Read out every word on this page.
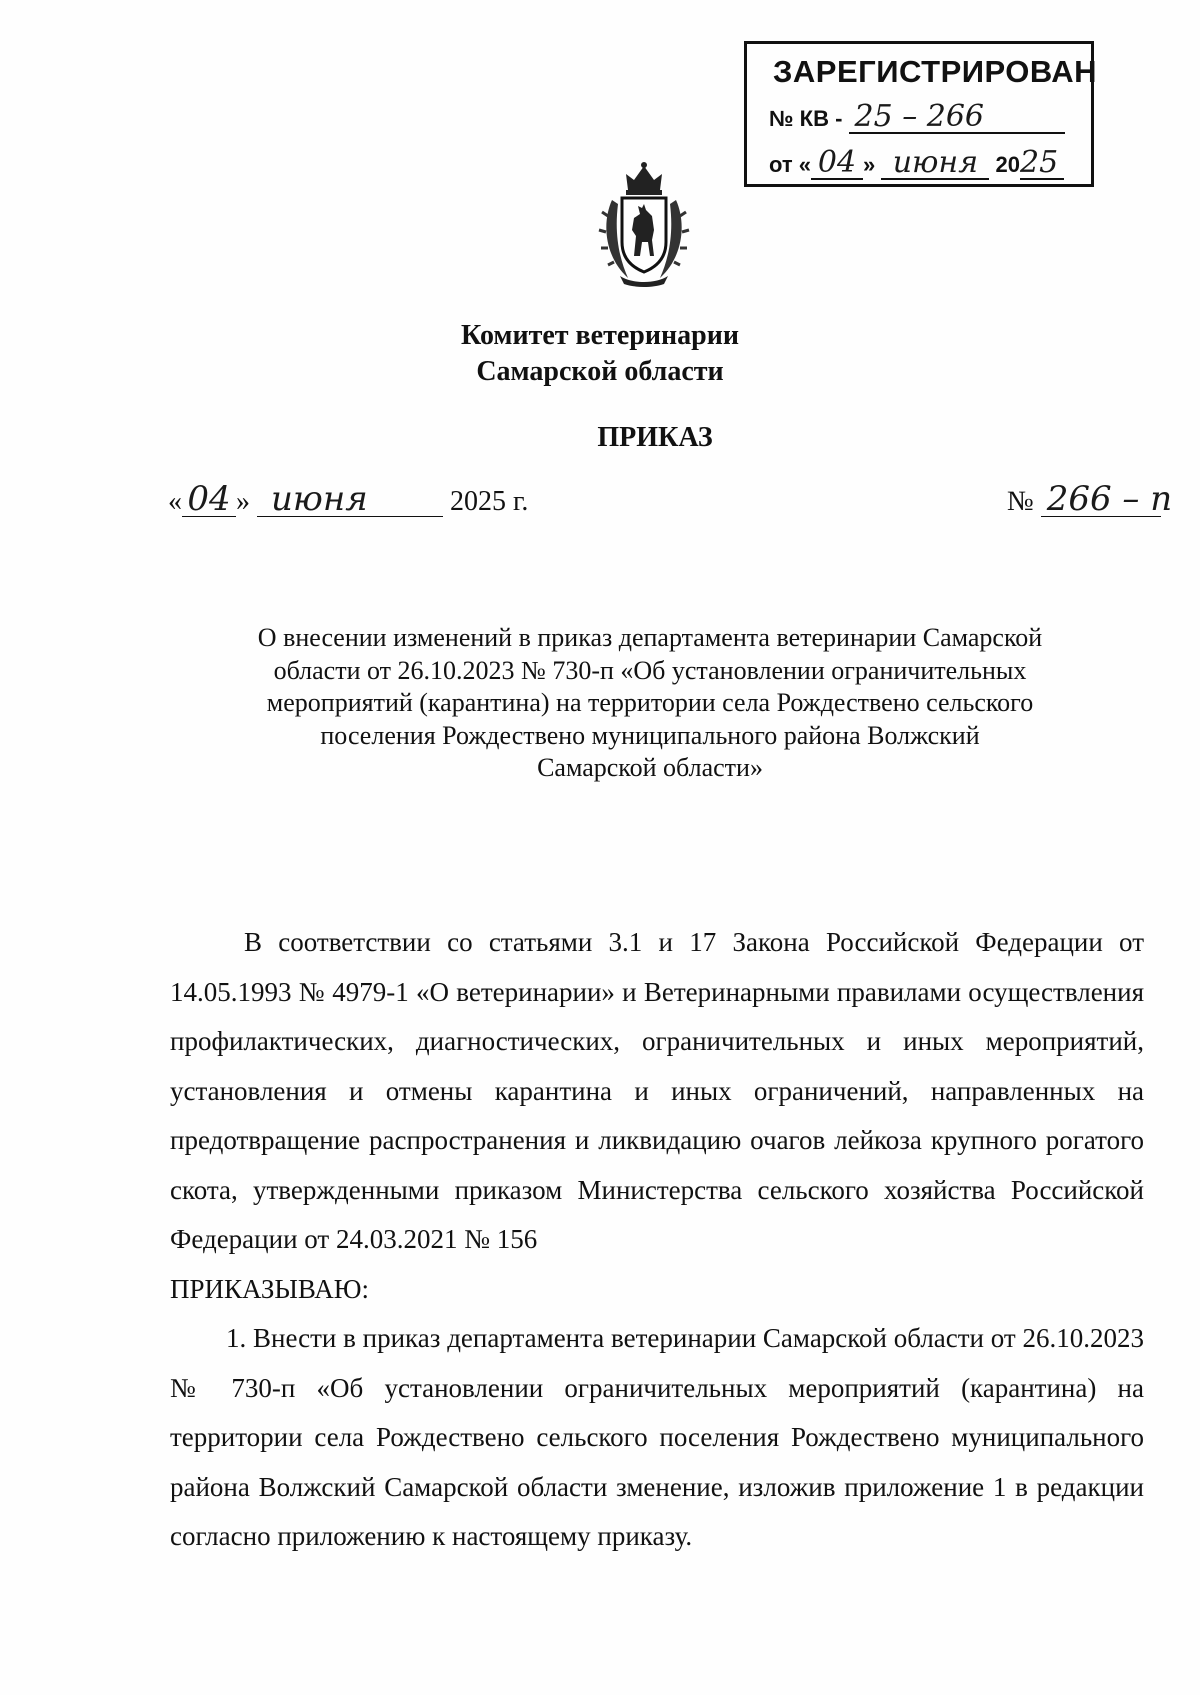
ЗАРЕГИСТРИРОВАН
№ КВ - 25 – 266
от « 04 » июня 2025
Комитет ветеринарии
Самарской области
ПРИКАЗ
« 04 » июня	2025 г.	№ 266 – п
О внесении изменений в приказ департамента ветеринарии Самарской
области от 26.10.2023 № 730-п «Об установлении ограничительных
мероприятий (карантина) на территории села Рождествено сельского
поселения Рождествено муниципального района Волжский
Самарской области»

В соответствии со статьями 3.1 и 17 Закона Российской Федерации от 14.05.1993 № 4979-1 «О ветеринарии» и Ветеринарными правилами осуществления профилактических, диагностических, ограничительных и иных мероприятий, установления и отмены карантина и иных ограничений, направленных на предотвращение распространения и ликвидацию очагов лейкоза крупного рогатого скота, утвержденными приказом Министерства сельского хозяйства Российской Федерации от 24.03.2021 № 156

ПРИКАЗЫВАЮ:

1. Внести в приказ департамента ветеринарии Самарской области от 26.10.2023 № 730-п «Об установлении ограничительных мероприятий (карантина) на территории села Рождествено сельского поселения Рождествено муниципального района Волжский Самарской области зменение, изложив приложение 1 в редакции согласно приложению к настоящему приказу.
